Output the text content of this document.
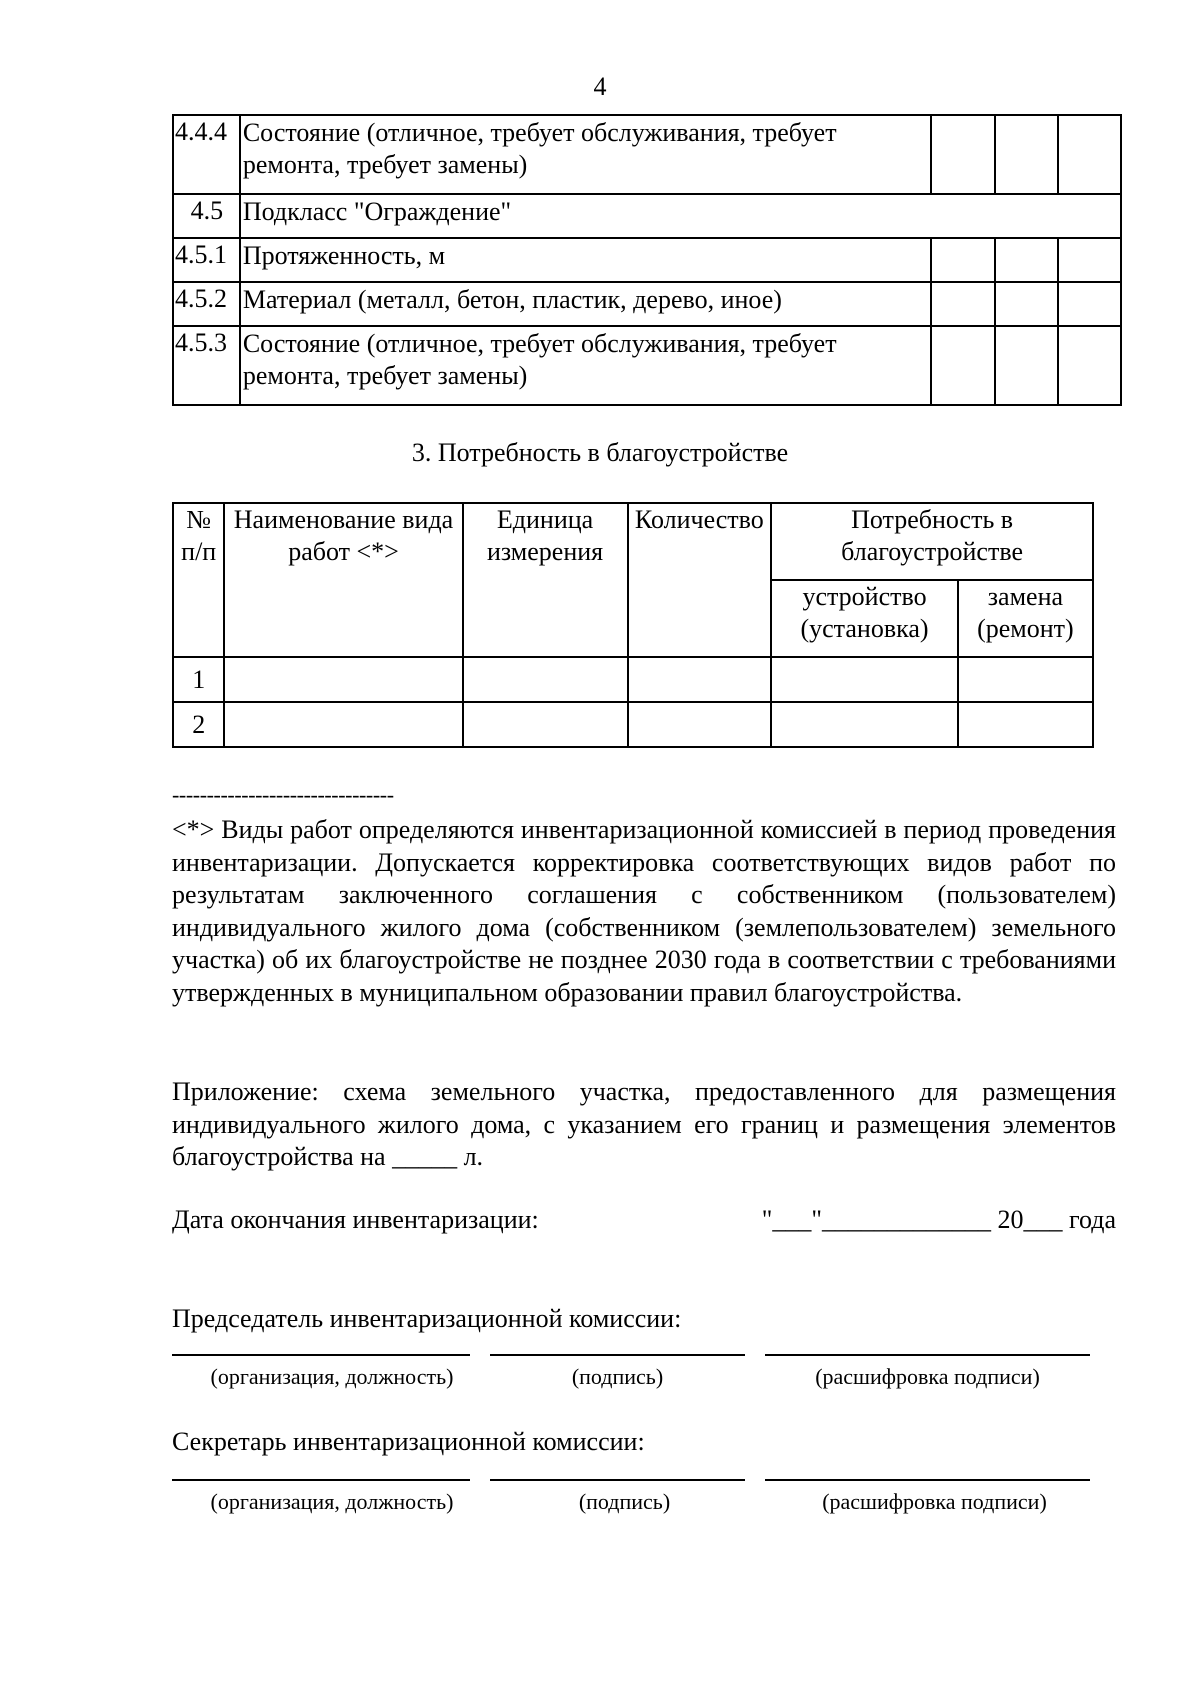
4
4.4.4	Состояние (отличное, требует обслуживания, требует ремонта, требует замены)			
4.5	Подкласс "Ограждение"			
4.5.1	Протяженность, м			
4.5.2	Материал (металл, бетон, пластик, дерево, иное)			
4.5.3	Состояние (отличное, требует обслуживания, требует ремонта, требует замены)			
3. Потребность в благоустройстве
№ п/п	Наименование вида работ <*>	Единица измерения	Количество	Потребность в благоустройстве	
				устройство (установка)	замена (ремонт)
1					
2					
--------------------------------
<*> Виды работ определяются инвентаризационной комиссией в период проведения инвентаризации. Допускается корректировка соответствующих видов работ по результатам заключенного соглашения с собственником (пользователем) индивидуального жилого дома (собственником (землепользователем) земельного участка) об их благоустройстве не позднее 2030 года в соответствии с требованиями утвержденных в муниципальном образовании правил благоустройства.
Приложение: схема земельного участка, предоставленного для размещения индивидуального жилого дома, с указанием его границ и размещения элементов благоустройства на _____ л.
Дата окончания инвентаризации:	"___"_____________ 20___ года
Председатель инвентаризационной комиссии:
(организация, должность)	(подпись)	(расшифровка подписи)
Секретарь инвентаризационной комиссии:
(организация, должность)	(подпись)	(расшифровка подписи)
